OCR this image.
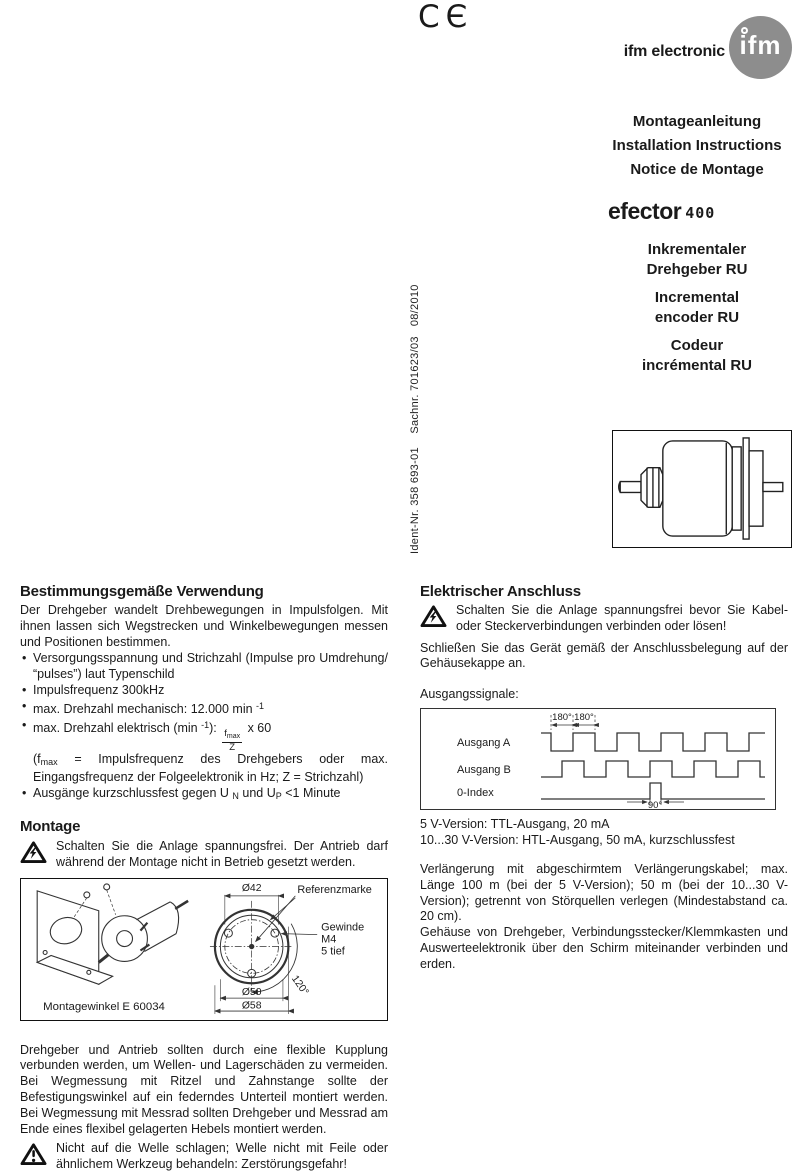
CЄ
ifm electronic ifm
Montageanleitung
Installation Instructions
Notice de Montage
efector 400
Inkrementaler
Drehgeber RU
Incremental
encoder RU
Codeur
incrémental RU
Ident-Nr. 358 693-01    Sachnr. 701623/03   08/2010
Bestimmungsgemäße Verwendung

Der Drehgeber wandelt Drehbewegungen in Impulsfolgen. Mit ihnen lassen sich Wegstrecken und Winkelbewegungen messen und Positionen bestimmen.

• Versorgungsspannung und Strichzahl (Impulse pro Umdrehung/ “pulses”) laut Typenschild
• Impulsfrequenz 300kHz
• max. Drehzahl mechanisch: 12.000 min $^{-1}$
• max. Drehzahl elektrisch (min $^{-1}$):
$\frac{f_{max}}{Z}$
x 60
($f_{max}$ = Impulsfrequenz des Drehgebers oder max. Eingangsfrequenz der Folgeelektronik in Hz; Z = Strichzahl)
• Ausgänge kurzschlussfest gegen U $_N$ und $U_P <1$ Minute
Montage
Schalten Sie die Anlage spannungsfrei. Der Antrieb darf während der Montage nicht in Betrieb gesetzt werden.
Montagewinkel E 60034
Ø42	Referenzmarke
Gewinde
M4
5 tief
120°
Ø50
Ø58

Drehgeber und Antrieb sollten durch eine flexible Kupplung verbunden werden, um Wellen- und Lagerschäden zu vermeiden. Bei Wegmessung mit Ritzel und Zahnstange sollte der Befestigungswinkel auf ein federndes Unterteil montiert werden. Bei Wegmessung mit Messrad sollten Drehgeber und Messrad am Ende eines flexibel gelagerten Hebels montiert werden.

Nicht auf die Welle schlagen; Welle nicht mit Feile oder ähnlichem Werkzeug behandeln: Zerstörungsgefahr!
Elektrischer Anschluss
Schalten Sie die Anlage spannungsfrei bevor Sie Kabel- oder Steckerverbindungen verbinden oder lösen!

Schließen Sie das Gerät gemäß der Anschlussbelegung auf der Gehäusekappe an.

Ausgangssignale:

Ausgang A
Ausgang B
0-Index
180° 180°
90°
5 V-Version: TTL-Ausgang, 20 mA
10...30 V-Version: HTL-Ausgang, 50 mA, kurzschlussfest

Verlängerung mit abgeschirmtem Verlängerungskabel; max. Länge 100 m (bei der 5 V-Version); 50 m (bei der 10...30 V-Version); getrennt von Störquellen verlegen (Mindestabstand ca. 20 cm).

Gehäuse von Drehgeber, Verbindungsstecker/Klemmkasten und Auswerteelektronik über den Schirm miteinander verbinden und erden.
